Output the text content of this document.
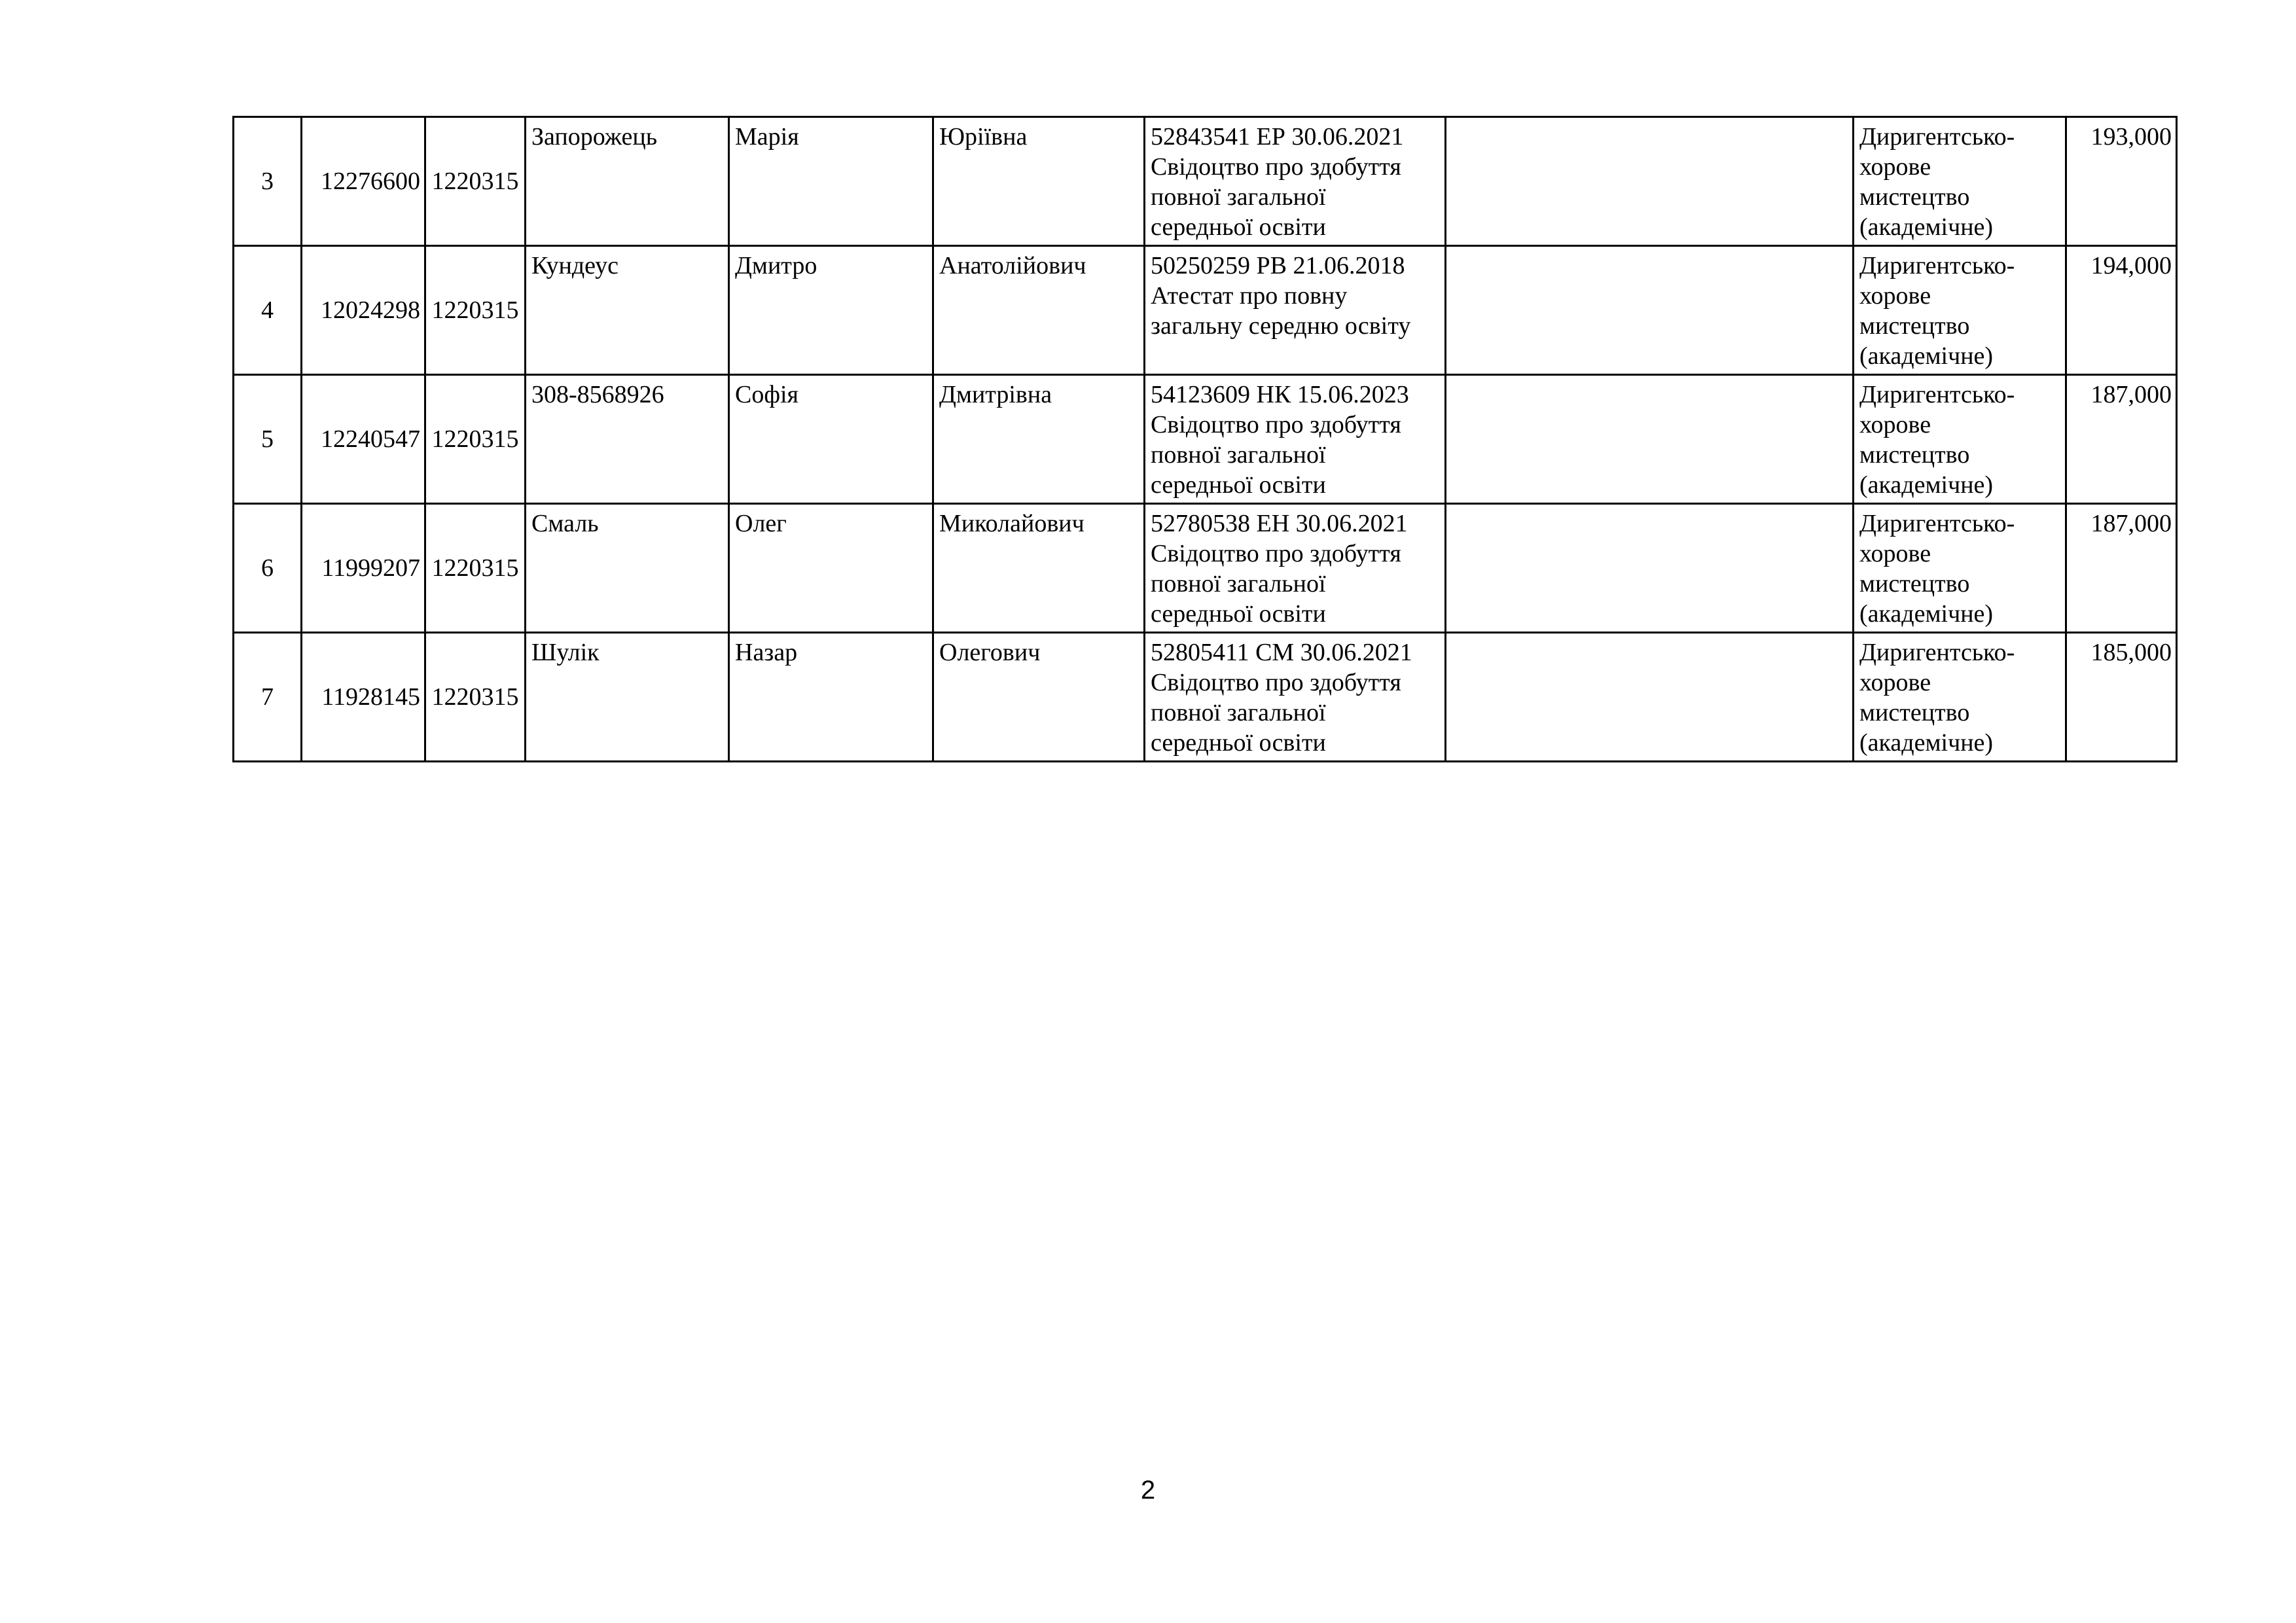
3	12276600	1220315	Запорожець	Марія	Юріївна	52843541 ЕР 30.06.2021
Свідоцтво про здобуття
повної загальної
середньої освіти		Диригентсько-
хорове
мистецтво
(академічне)	193,000
4	12024298	1220315	Кундеус	Дмитро	Анатолійович	50250259 РВ 21.06.2018
Атестат про повну
загальну середню освіту		Диригентсько-
хорове
мистецтво
(академічне)	194,000
5	12240547	1220315	308-8568926	Софія	Дмитрівна	54123609 НК 15.06.2023
Свідоцтво про здобуття
повної загальної
середньої освіти		Диригентсько-
хорове
мистецтво
(академічне)	187,000
6	11999207	1220315	Смаль	Олег	Миколайович	52780538 ЕН 30.06.2021
Свідоцтво про здобуття
повної загальної
середньої освіти		Диригентсько-
хорове
мистецтво
(академічне)	187,000
7	11928145	1220315	Шулік	Назар	Олегович	52805411 СМ 30.06.2021
Свідоцтво про здобуття
повної загальної
середньої освіти		Диригентсько-
хорове
мистецтво
(академічне)	185,000
2
